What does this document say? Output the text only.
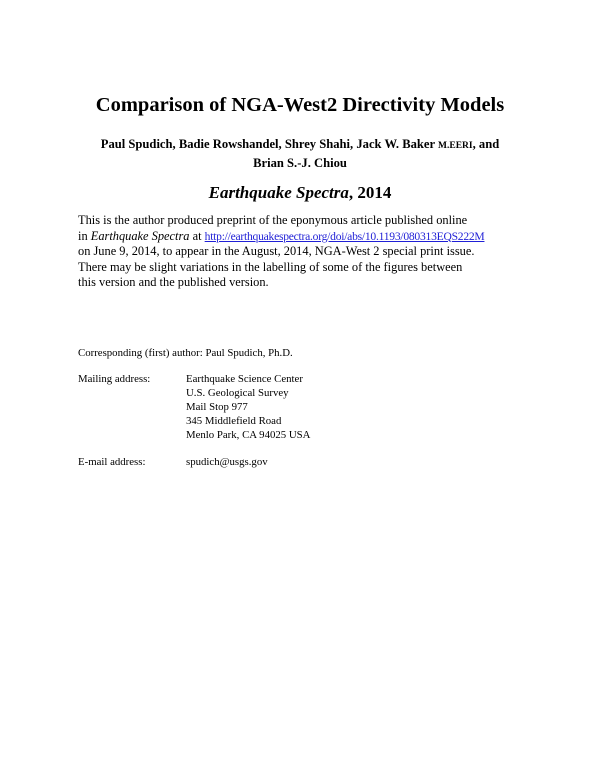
Comparison of NGA-West2 Directivity Models
Paul Spudich, Badie Rowshandel, Shrey Shahi, Jack W. Baker M.EERI, and
Brian S.-J. Chiou
Earthquake Spectra, 2014
This is the author produced preprint of the eponymous article published online
in Earthquake Spectra at http://earthquakespectra.org/doi/abs/10.1193/080313EQS222M
on June 9, 2014, to appear in the August, 2014, NGA-West 2 special print issue.
There may be slight variations in the labelling of some of the figures between
this version and the published version.
Corresponding (first) author: Paul Spudich, Ph.D.
Mailing address:	Earthquake Science Center
U.S. Geological Survey
Mail Stop 977
345 Middlefield Road
Menlo Park, CA 94025 USA
E-mail address:	spudich@usgs.gov
